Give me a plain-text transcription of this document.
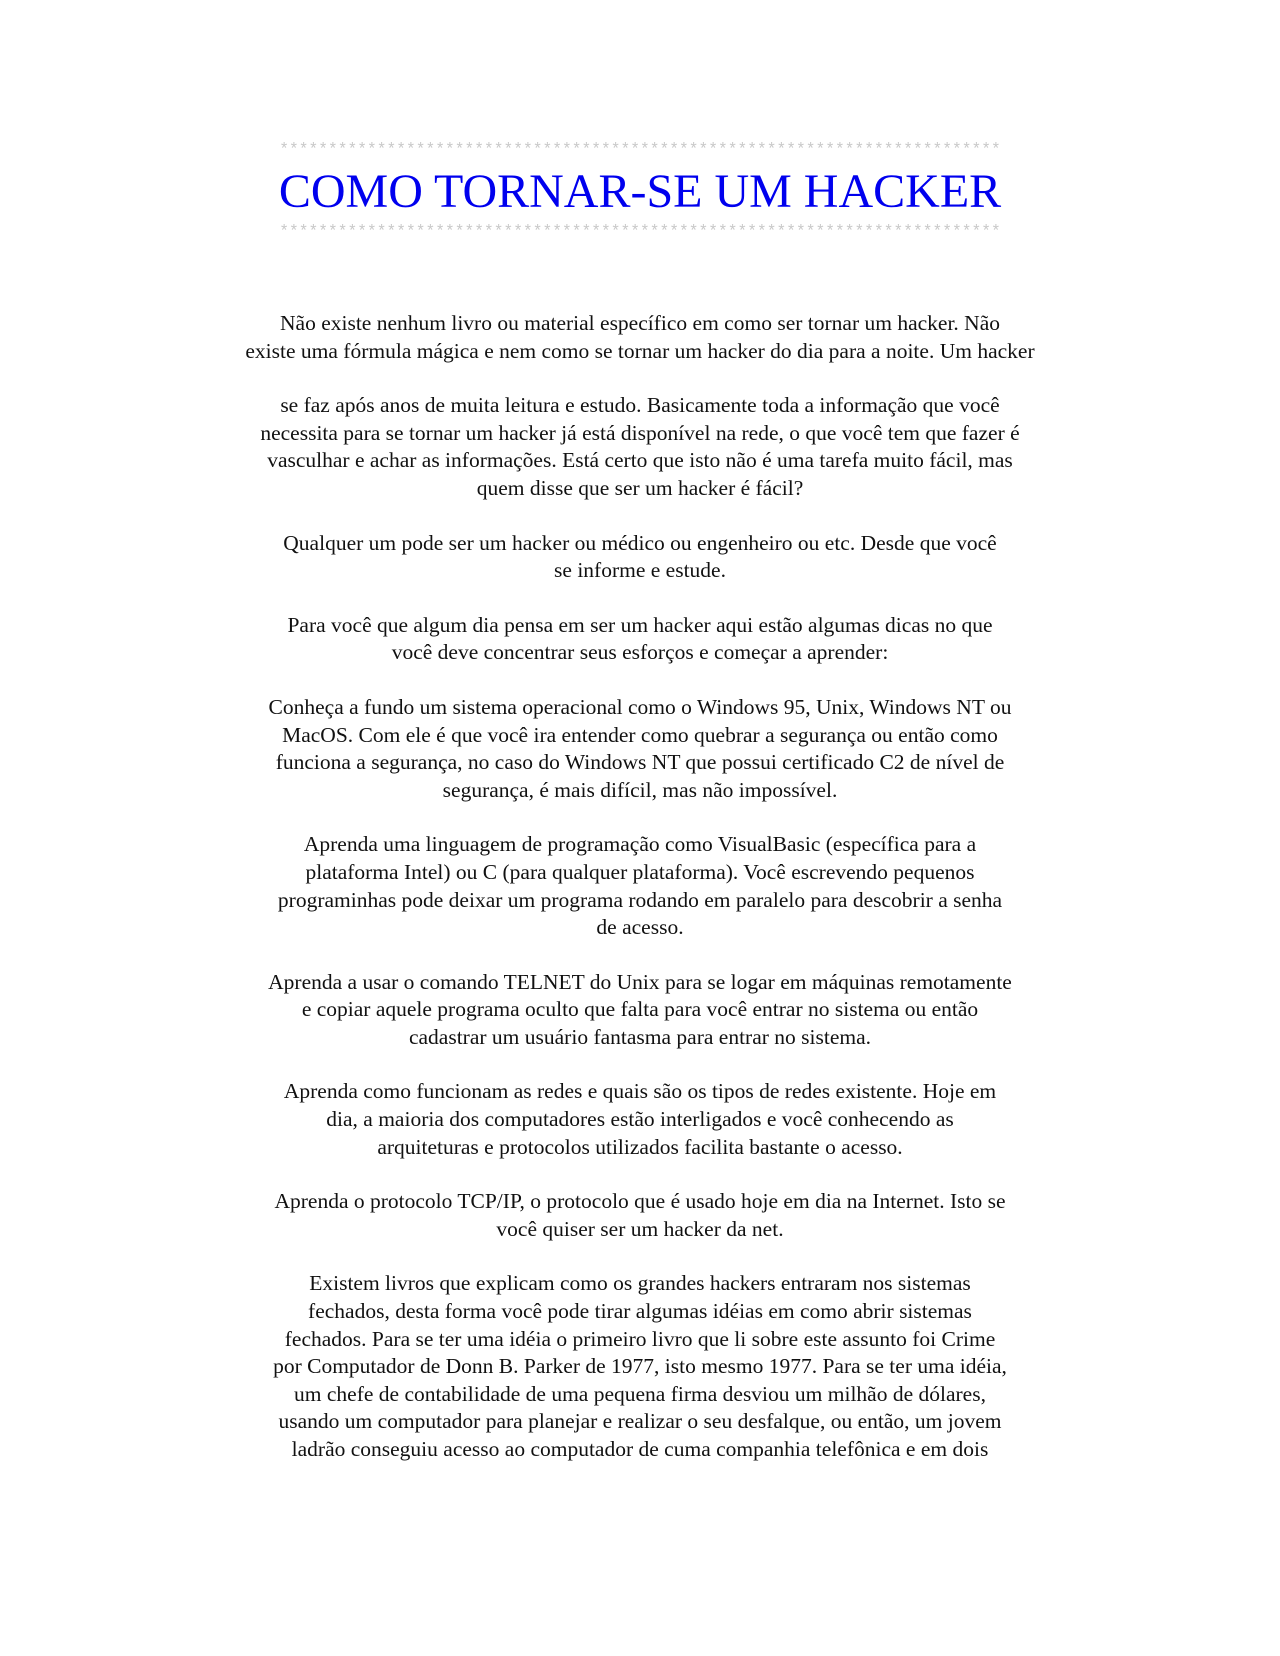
**************************************************************************
COMO TORNAR-SE UM HACKER
**************************************************************************

Não existe nenhum livro ou material específico em como ser tornar um hacker. Não
existe uma fórmula mágica e nem como se tornar um hacker do dia para a noite. Um hacker

se faz após anos de muita leitura e estudo. Basicamente toda a informação que você
necessita para se tornar um hacker já está disponível na rede, o que você tem que fazer é
vasculhar e achar as informações. Está certo que isto não é uma tarefa muito fácil, mas
quem disse que ser um hacker é fácil?

Qualquer um pode ser um hacker ou médico ou engenheiro ou etc. Desde que você
se informe e estude.

Para você que algum dia pensa em ser um hacker aqui estão algumas dicas no que
você deve concentrar seus esforços e começar a aprender:

Conheça a fundo um sistema operacional como o Windows 95, Unix, Windows NT ou
MacOS. Com ele é que você ira entender como quebrar a segurança ou então como
funciona a segurança, no caso do Windows NT que possui certificado C2 de nível de
segurança, é mais difícil, mas não impossível.

Aprenda uma linguagem de programação como VisualBasic (específica para a
plataforma Intel) ou C (para qualquer plataforma). Você escrevendo pequenos
programinhas pode deixar um programa rodando em paralelo para descobrir a senha
de acesso.

Aprenda a usar o comando TELNET do Unix para se logar em máquinas remotamente
e copiar aquele programa oculto que falta para você entrar no sistema ou então
cadastrar um usuário fantasma para entrar no sistema.

Aprenda como funcionam as redes e quais são os tipos de redes existente. Hoje em
dia, a maioria dos computadores estão interligados e você conhecendo as
arquiteturas e protocolos utilizados facilita bastante o acesso.

Aprenda o protocolo TCP/IP, o protocolo que é usado hoje em dia na Internet. Isto se
você quiser ser um hacker da net.

Existem livros que explicam como os grandes hackers entraram nos sistemas
fechados, desta forma você pode tirar algumas idéias em como abrir sistemas
fechados. Para se ter uma idéia o primeiro livro que li sobre este assunto foi Crime
por Computador de Donn B. Parker de 1977, isto mesmo 1977. Para se ter uma idéia,
um chefe de contabilidade de uma pequena firma desviou um milhão de dólares,
usando um computador para planejar e realizar o seu desfalque, ou então, um jovem
ladrão conseguiu acesso ao computador de cuma companhia telefônica e em dois
